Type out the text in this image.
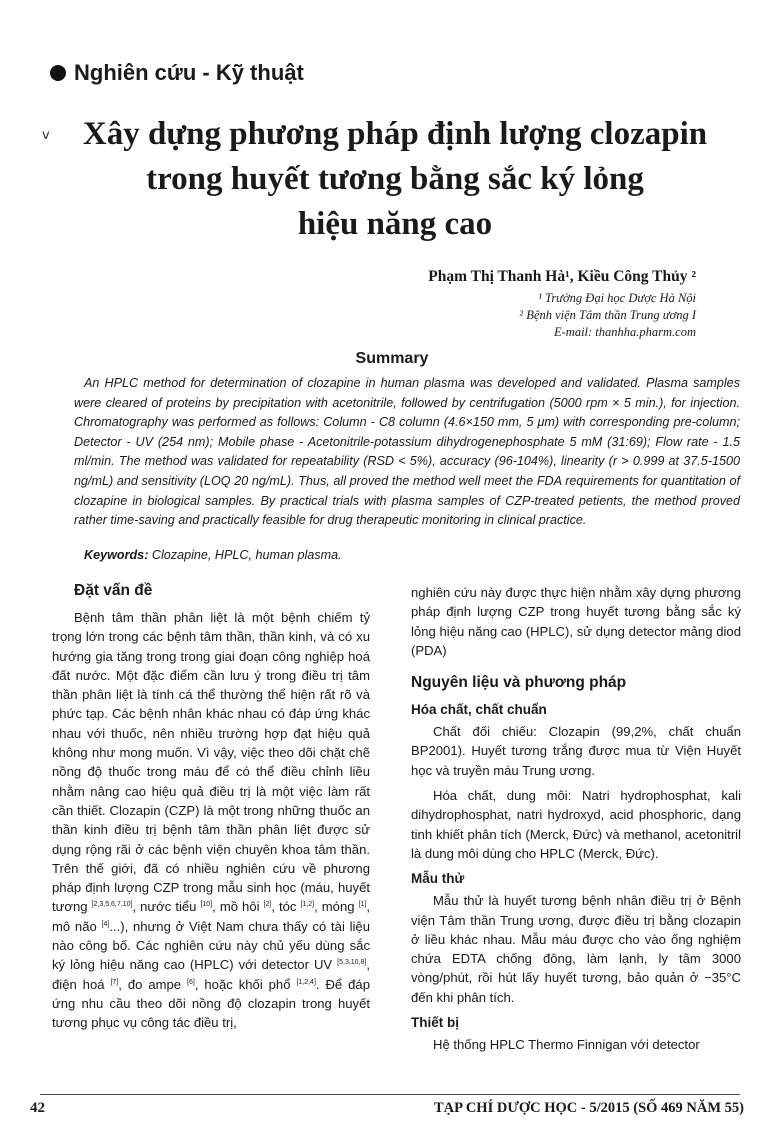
Nghiên cứu - Kỹ thuật
v	Xây dựng phương pháp định lượng clozapin
trong huyết tương bằng sắc ký lỏng
hiệu năng cao
Phạm Thị Thanh Hà¹, Kiều Công Thủy ²
¹ Trường Đại học Dược Hà Nội
² Bệnh viện Tâm thần Trung ương I
E-mail: thanhha.pharm.com
Summary

An HPLC method for determination of clozapine in human plasma was developed and validated. Plasma samples were cleared of proteins by precipitation with acetonitrile, followed by centrifugation (5000 rpm × 5 min.), for injection. Chromatography was performed as follows: Column - C8 column (4.6×150 mm, 5 μm) with corresponding pre-column; Detector - UV (254 nm); Mobile phase - Acetonitrile-potassium dihydrogenephosphate 5 mM (31:69); Flow rate - 1.5 ml/min. The method was validated for repeatability (RSD < 5%), accuracy (96-104%), linearity (r > 0.999 at 37.5-1500 ng/mL) and sensitivity (LOQ 20 ng/mL). Thus, all proved the method well meet the FDA requirements for quantitation of clozapine in biological samples. By practical trials with plasma samples of CZP-treated petients, the method proved rather time-saving and practically feasible for drug therapeutic monitoring in clinical practice.

Keywords: Clozapine, HPLC, human plasma.
Đặt vấn đề

Bệnh tâm thần phân liệt là một bệnh chiếm tỷ trọng lớn trong các bệnh tâm thần, thần kinh, và có xu hướng gia tăng trong trong giai đoạn công nghiệp hoá đất nước. Một đặc điểm cần lưu ý trong điều trị tâm thần phân liệt là tính cá thể thường thể hiện rất rõ và phức tạp. Các bệnh nhân khác nhau có đáp ứng khác nhau với thuốc, nên nhiều trường hợp đạt hiệu quả không như mong muốn. Vì vậy, việc theo dõi chặt chẽ nồng độ thuốc trong máu để có thể điều chỉnh liều nhằm nâng cao hiệu quả điều trị là một việc làm rất cần thiết. Clozapin (CZP) là một trong những thuốc an thần kinh điều trị bệnh tâm thần phân liệt được sử dụng rộng rãi ở các bệnh viện chuyên khoa tâm thần. Trên thế giới, đã có nhiều nghiên cứu về phương pháp định lượng CZP trong mẫu sinh học (máu, huyết tương [2,3,5,6,7,10], nước tiểu [10], mồ hôi [2], tóc [1,2], móng [1], mô não [4]...), nhưng ở Việt Nam chưa thấy có tài liệu nào công bố. Các nghiên cứu này chủ yếu dùng sắc ký lỏng hiệu năng cao (HPLC) với detector UV [5,3,10,8], điện hoá [7], đo ampe [6], hoặc khối phổ [1,2,4]. Để đáp ứng nhu cầu theo dõi nồng độ clozapin trong huyết tương phục vụ công tác điều trị,

nghiên cứu này được thực hiện nhằm xây dựng phương pháp định lượng CZP trong huyết tương bằng sắc ký lỏng hiệu năng cao (HPLC), sử dụng detector mảng diod (PDA)

Nguyên liệu và phương pháp
Hóa chất, chất chuẩn

Chất đối chiếu: Clozapin (99,2%, chất chuẩn BP2001). Huyết tương trắng được mua từ Viện Huyết học và truyền máu Trung ương.

Hóa chất, dung môi: Natri hydrophosphat, kali dihydrophosphat, natri hydroxyd, acid phosphoric, dạng tinh khiết phân tích (Merck, Đức) và methanol, acetonitril là dung môi dùng cho HPLC (Merck, Đức).

Mẫu thử

Mẫu thử là huyết tương bệnh nhân điều trị ở Bệnh viện Tâm thần Trung ương, được điều trị bằng clozapin ở liều khác nhau. Mẫu máu được cho vào ống nghiệm chứa EDTA chống đông, làm lạnh, ly tâm 3000 vòng/phút, rồi hút lấy huyết tương, bảo quản ở −35°C đến khi phân tích.

Thiết bị

Hệ thống HPLC Thermo Finnigan với detector

42	TẠP CHÍ DƯỢC HỌC - 5/2015 (SỐ 469 NĂM 55)
